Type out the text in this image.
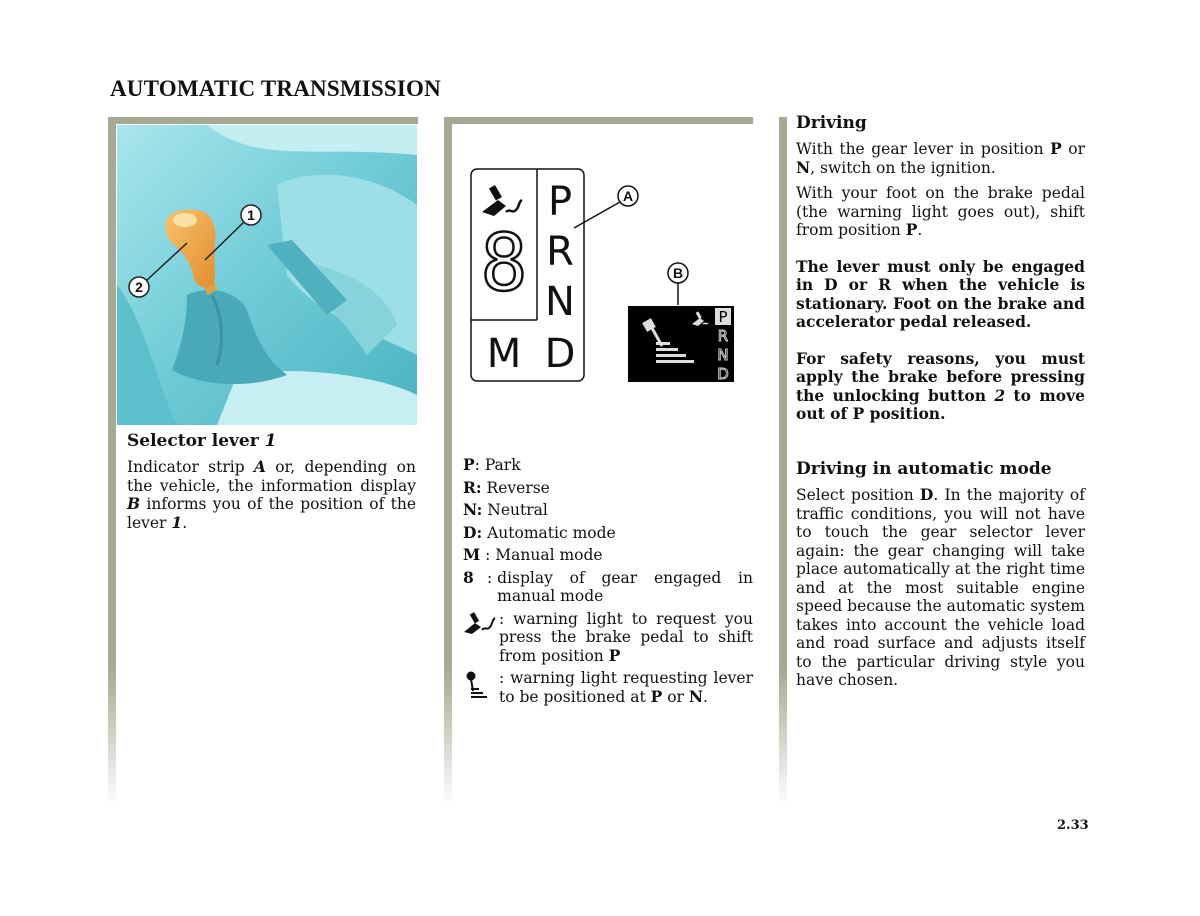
AUTOMATIC TRANSMISSION
1
2
Selector lever 1
Indicator strip A or, depending on the vehicle, the information display B informs you of the position of the lever 1.
8
P
R
N
D
M
A
B
P
R
N
D
P : Park
R:
Reverse
N:
Neutral
D:
Automatic mode
M : Manual mode
8 : display of gear engaged in manual mode
: warning light to request you press the brake pedal to shift from position P
: warning light requesting lever to be positioned at P or N.
Driving

With the gear lever in position P or N, switch on the ignition.

With your foot on the brake pedal (the warning light goes out), shift from position P.

The lever must only be engaged in D or R when the vehicle is stationary. Foot on the brake and accelerator pedal released.

For safety reasons, you must apply the brake before pressing the unlocking button 2 to move out of P position.

Driving in automatic mode
Select position D. In the majority of traffic conditions, you will not have to touch the gear selector lever again: the gear changing will take place automatically at the right time and at the most suitable engine speed because the automatic system takes into account the vehicle load and road surface and adjusts itself to the particular driving style you have chosen.
2.33
